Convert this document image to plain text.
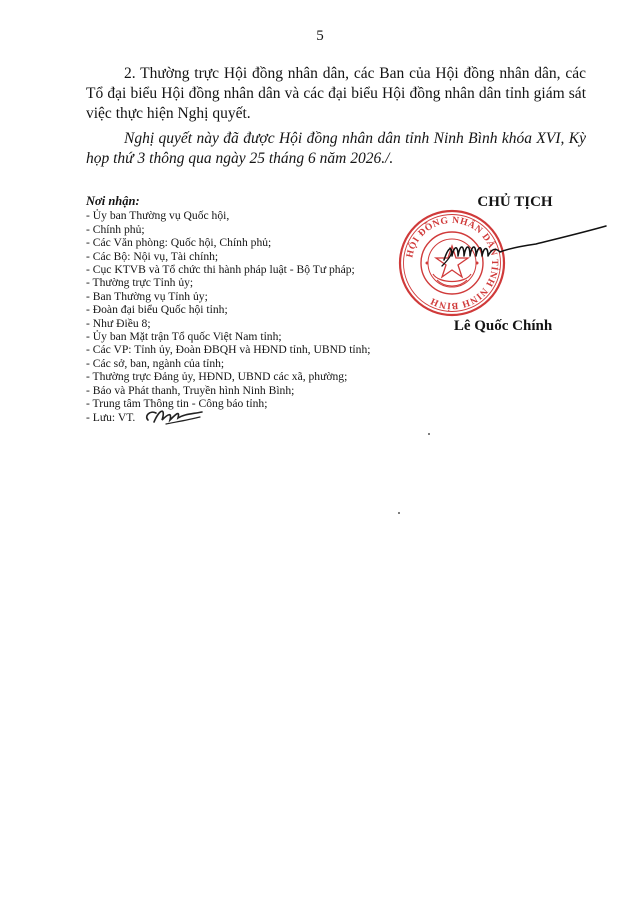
5
2. Thường trực Hội đồng nhân dân, các Ban của Hội đồng nhân dân, các Tổ đại biểu Hội đồng nhân dân và các đại biểu Hội đồng nhân dân tỉnh giám sát việc thực hiện Nghị quyết.
Nghị quyết này đã được Hội đồng nhân dân tỉnh Ninh Bình khóa XVI, Kỳ họp thứ 3 thông qua ngày 25 tháng 6 năm 2026./.
Nơi nhận:
- Ủy ban Thường vụ Quốc hội,
- Chính phủ;
- Các Văn phòng: Quốc hội, Chính phủ;
- Các Bộ: Nội vụ, Tài chính;
- Cục KTVB và Tổ chức thi hành pháp luật - Bộ Tư pháp;
- Thường trực Tỉnh ủy;
- Ban Thường vụ Tỉnh ủy;
- Đoàn đại biểu Quốc hội tỉnh;
- Như Điều 8;
- Ủy ban Mặt trận Tổ quốc Việt Nam tỉnh;
- Các VP: Tỉnh ủy, Đoàn ĐBQH và HĐND tỉnh, UBND tỉnh;
- Các sở, ban, ngành của tỉnh;
- Thường trực Đảng ủy, HĐND, UBND các xã, phường;
- Báo và Phát thanh, Truyền hình Ninh Bình;
- Trung tâm Thông tin - Công báo tỉnh;
- Lưu: VT.
CHỦ TỊCH
HỘI ĐỒNG NHÂN DÂN TỈNH NINH BÌNH
Lê Quốc Chính
